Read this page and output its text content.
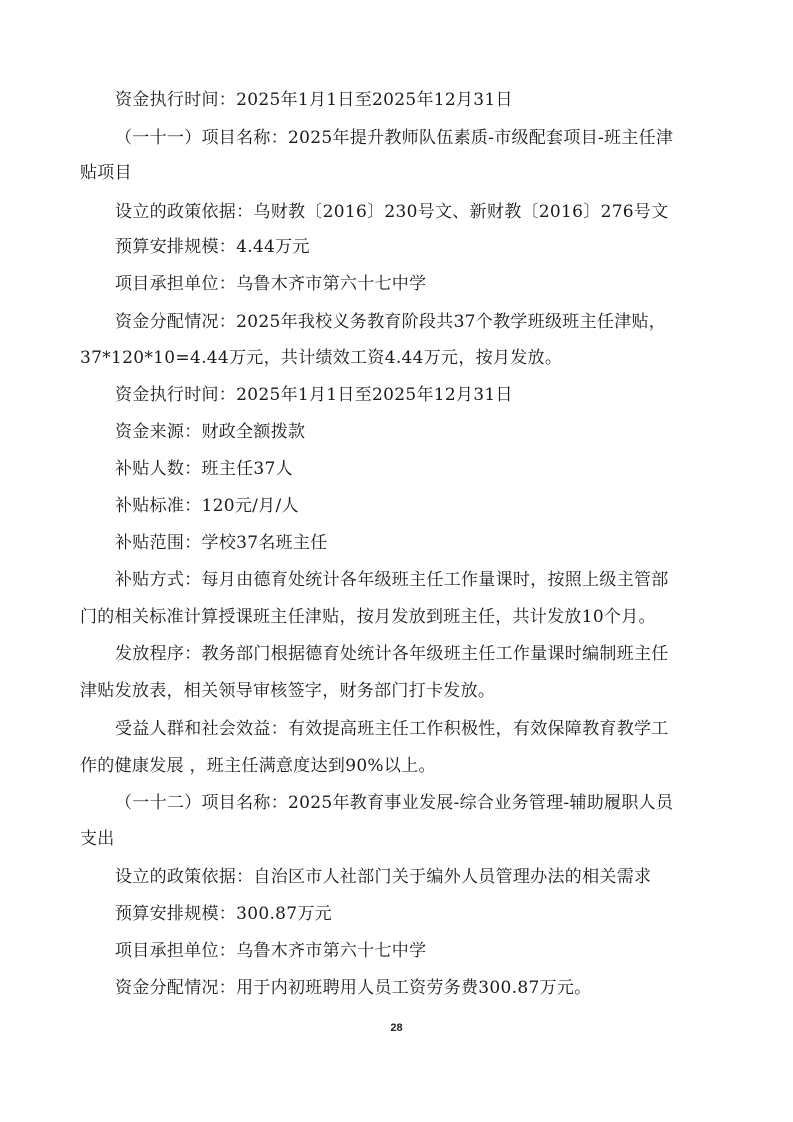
资金执行时间：2025年1月1日至2025年12月31日
（一十一）项目名称：2025年提升教师队伍素质-市级配套项目-班主任津
贴项目
设立的政策依据：乌财教〔2016〕230号文、新财教〔2016〕276号文
预算安排规模：4.44万元
项目承担单位：乌鲁木齐市第六十七中学
资金分配情况：2025年我校义务教育阶段共37个教学班级班主任津贴，
37*120*10=4.44万元，共计绩效工资4.44万元，按月发放。
资金执行时间：2025年1月1日至2025年12月31日
资金来源：财政全额拨款
补贴人数：班主任37人
补贴标准：120元/月/人
补贴范围：学校37名班主任
补贴方式：每月由德育处统计各年级班主任工作量课时，按照上级主管部
门的相关标准计算授课班主任津贴，按月发放到班主任，共计发放10个月。
发放程序：教务部门根据德育处统计各年级班主任工作量课时编制班主任
津贴发放表，相关领导审核签字，财务部门打卡发放。
受益人群和社会效益：有效提高班主任工作积极性，有效保障教育教学工
作的健康发展 ，班主任满意度达到90%以上。
（一十二）项目名称：2025年教育事业发展-综合业务管理-辅助履职人员
支出
设立的政策依据：自治区市人社部门关于编外人员管理办法的相关需求
预算安排规模：300.87万元
项目承担单位：乌鲁木齐市第六十七中学
资金分配情况：用于内初班聘用人员工资劳务费300.87万元。
28
